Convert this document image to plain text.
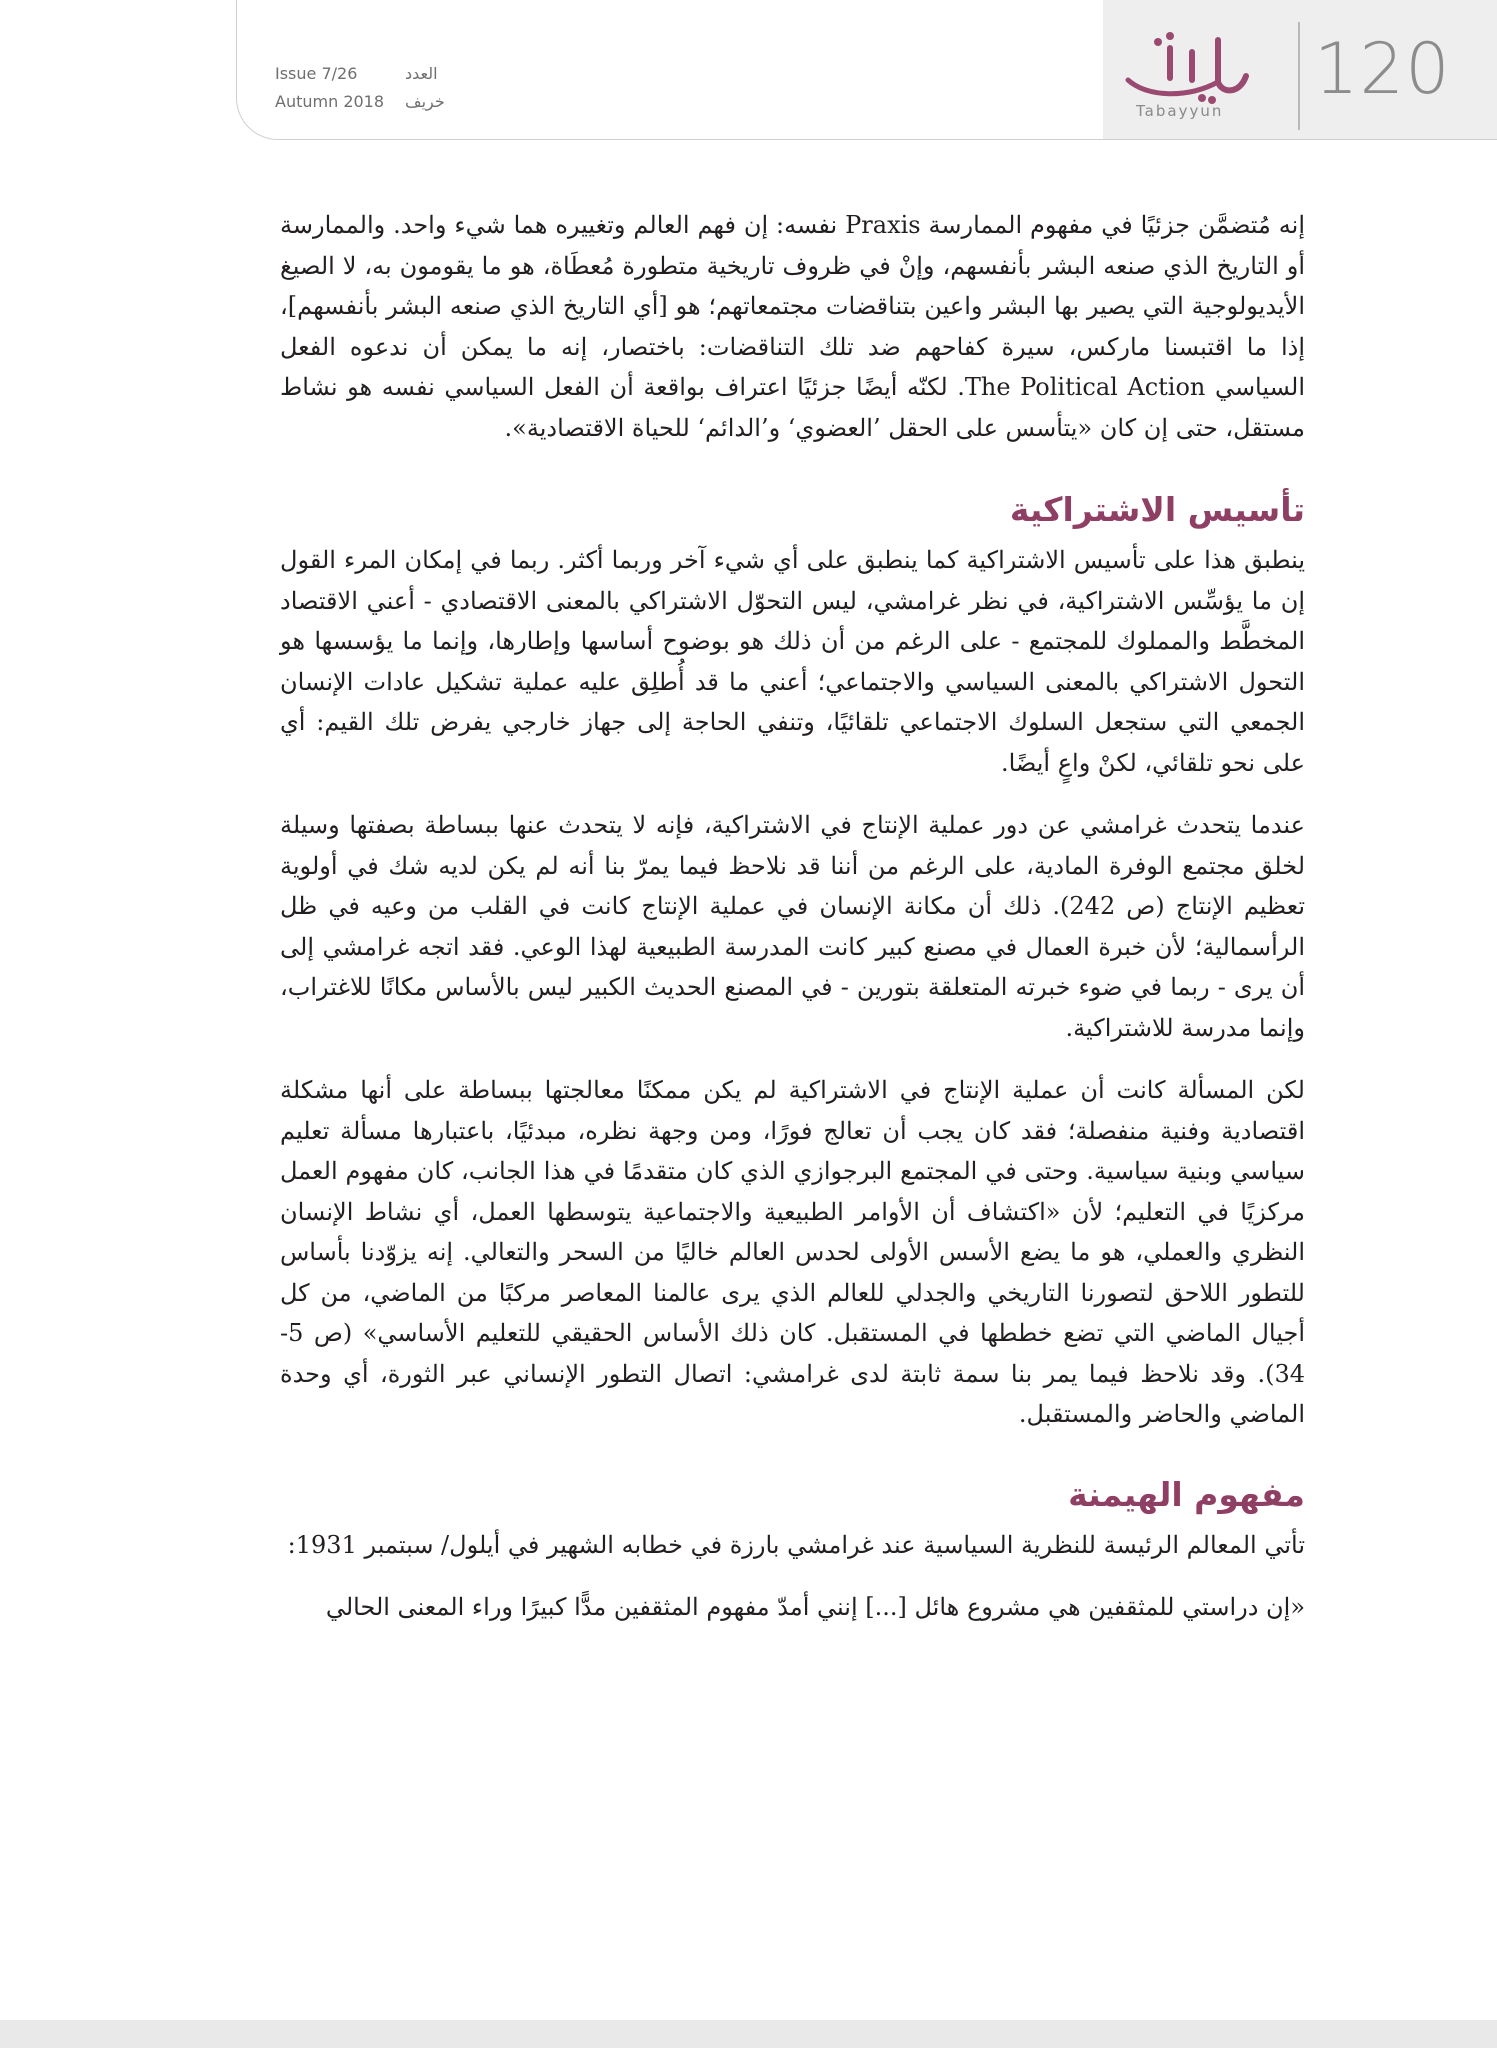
Tabayyun
120
Issue 7/26	العدد
Autumn 2018	خريف

إنه مُتضمَّن جزئيًا في مفهوم الممارسة Praxis نفسه: إن فهم العالم وتغييره هما شيء واحد. والممارسة أو التاريخ الذي صنعه البشر بأنفسهم، وإنْ في ظروف تاريخية متطورة مُعطَاة، هو ما يقومون به، لا الصيغ الأيديولوجية التي يصير بها البشر واعين بتناقضات مجتمعاتهم؛ هو [أي التاريخ الذي صنعه البشر بأنفسهم]، إذا ما اقتبسنا ماركس، سيرة كفاحهم ضد تلك التناقضات: باختصار، إنه ما يمكن أن ندعوه الفعل السياسي The Political Action. لكنّه أيضًا جزئيًا اعتراف بواقعة أن الفعل السياسي نفسه هو نشاط مستقل، حتى إن كان «يتأسس على الحقل ’العضوي‘ و’الدائم‘ للحياة الاقتصادية».

تأسيس الاشتراكية

ينطبق هذا على تأسيس الاشتراكية كما ينطبق على أي شيء آخر وربما أكثر. ربما في إمكان المرء القول إن ما يؤسِّس الاشتراكية، في نظر غرامشي، ليس التحوّل الاشتراكي بالمعنى الاقتصادي - أعني الاقتصاد المخطَّط والمملوك للمجتمع - على الرغم من أن ذلك هو بوضوح أساسها وإطارها، وإنما ما يؤسسها هو التحول الاشتراكي بالمعنى السياسي والاجتماعي؛ أعني ما قد أُطلِق عليه عملية تشكيل عادات الإنسان الجمعي التي ستجعل السلوك الاجتماعي تلقائيًا، وتنفي الحاجة إلى جهاز خارجي يفرض تلك القيم: أي على نحو تلقائي، لكنْ واعٍ أيضًا.

عندما يتحدث غرامشي عن دور عملية الإنتاج في الاشتراكية، فإنه لا يتحدث عنها ببساطة بصفتها وسيلة لخلق مجتمع الوفرة المادية، على الرغم من أننا قد نلاحظ فيما يمرّ بنا أنه لم يكن لديه شك في أولوية تعظيم الإنتاج (ص 242). ذلك أن مكانة الإنسان في عملية الإنتاج كانت في القلب من وعيه في ظل الرأسمالية؛ لأن خبرة العمال في مصنع كبير كانت المدرسة الطبيعية لهذا الوعي. فقد اتجه غرامشي إلى أن يرى - ربما في ضوء خبرته المتعلقة بتورين - في المصنع الحديث الكبير ليس بالأساس مكانًا للاغتراب، وإنما مدرسة للاشتراكية.

لكن المسألة كانت أن عملية الإنتاج في الاشتراكية لم يكن ممكنًا معالجتها ببساطة على أنها مشكلة اقتصادية وفنية منفصلة؛ فقد كان يجب أن تعالج فورًا، ومن وجهة نظره، مبدئيًا، باعتبارها مسألة تعليم سياسي وبنية سياسية. وحتى في المجتمع البرجوازي الذي كان متقدمًا في هذا الجانب، كان مفهوم العمل مركزيًا في التعليم؛ لأن «اكتشاف أن الأوامر الطبيعية والاجتماعية يتوسطها العمل، أي نشاط الإنسان النظري والعملي، هو ما يضع الأسس الأولى لحدس العالم خاليًا من السحر والتعالي. إنه يزوّدنا بأساس للتطور اللاحق لتصورنا التاريخي والجدلي للعالم الذي يرى عالمنا المعاصر مركبًا من الماضي، من كل أجيال الماضي التي تضع خططها في المستقبل. كان ذلك الأساس الحقيقي للتعليم الأساسي» (ص 5-34). وقد نلاحظ فيما يمر بنا سمة ثابتة لدى غرامشي: اتصال التطور الإنساني عبر الثورة، أي وحدة الماضي والحاضر والمستقبل.

مفهوم الهيمنة

تأتي المعالم الرئيسة للنظرية السياسية عند غرامشي بارزة في خطابه الشهير في أيلول/ سبتمبر 1931:

«إن دراستي للمثقفين هي مشروع هائل [...] إنني أمدّ مفهوم المثقفين مدًّا كبيرًا وراء المعنى الحالي
